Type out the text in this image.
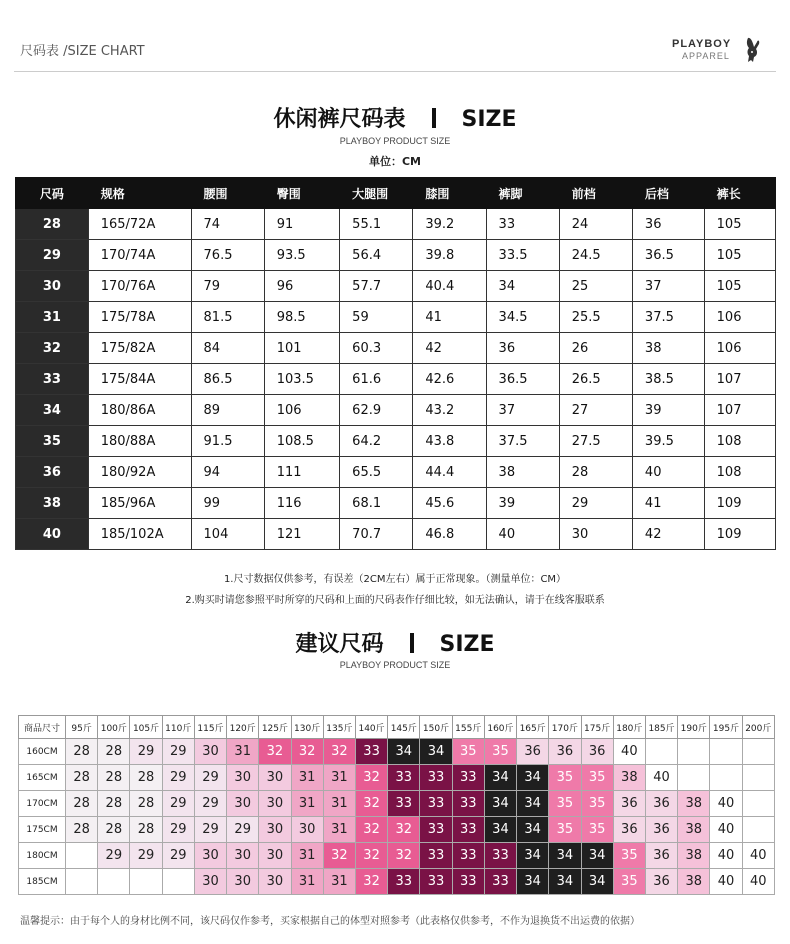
尺码表 /SIZE CHART	PLAYBOY
APPAREL
休闲裤尺码表	SIZE
PLAYBOY PRODUCT SIZE
单位：CM
尺码	规格	腰围	臀围	大腿围	膝围	裤脚	前档	后档	裤长
28	165/72A	74	91	55.1	39.2	33	24	36	105
29	170/74A	76.5	93.5	56.4	39.8	33.5	24.5	36.5	105
30	170/76A	79	96	57.7	40.4	34	25	37	105
31	175/78A	81.5	98.5	59	41	34.5	25.5	37.5	106
32	175/82A	84	101	60.3	42	36	26	38	106
33	175/84A	86.5	103.5	61.6	42.6	36.5	26.5	38.5	107
34	180/86A	89	106	62.9	43.2	37	27	39	107
35	180/88A	91.5	108.5	64.2	43.8	37.5	27.5	39.5	108
36	180/92A	94	111	65.5	44.4	38	28	40	108
38	185/96A	99	116	68.1	45.6	39	29	41	109
40	185/102A	104	121	70.7	46.8	40	30	42	109
1.尺寸数据仅供参考，有误差（2CM左右）属于正常现象。（测量单位：CM）
2.购买时请您参照平时所穿的尺码和上面的尺码表作仔细比较，如无法确认，请于在线客服联系
建议尺码	SIZE
PLAYBOY PRODUCT SIZE
商品尺寸	95斤	100斤	105斤	110斤	115斤	120斤	125斤	130斤	135斤	140斤	145斤	150斤	155斤	160斤	165斤	170斤	175斤	180斤	185斤	190斤	195斤	200斤
160CM	28	28	29	29	30	31	32	32	32	33	34	34	35	35	36	36	36	40				
165CM	28	28	28	29	29	30	30	31	31	32	33	33	33	34	34	35	35	38	40			
170CM	28	28	28	29	29	30	30	31	31	32	33	33	33	34	34	35	35	36	36	38	40	
175CM	28	28	28	29	29	29	30	30	31	32	32	33	33	34	34	35	35	36	36	38	40	
180CM		29	29	29	30	30	30	31	32	32	32	33	33	33	34	34	34	35	36	38	40	40
185CM					30	30	30	31	31	32	33	33	33	33	34	34	34	35	36	38	40	40
温馨提示：由于每个人的身材比例不同，该尺码仅作参考，买家根据自己的体型对照参考（此表格仅供参考，不作为退换货不出运费的依据）
